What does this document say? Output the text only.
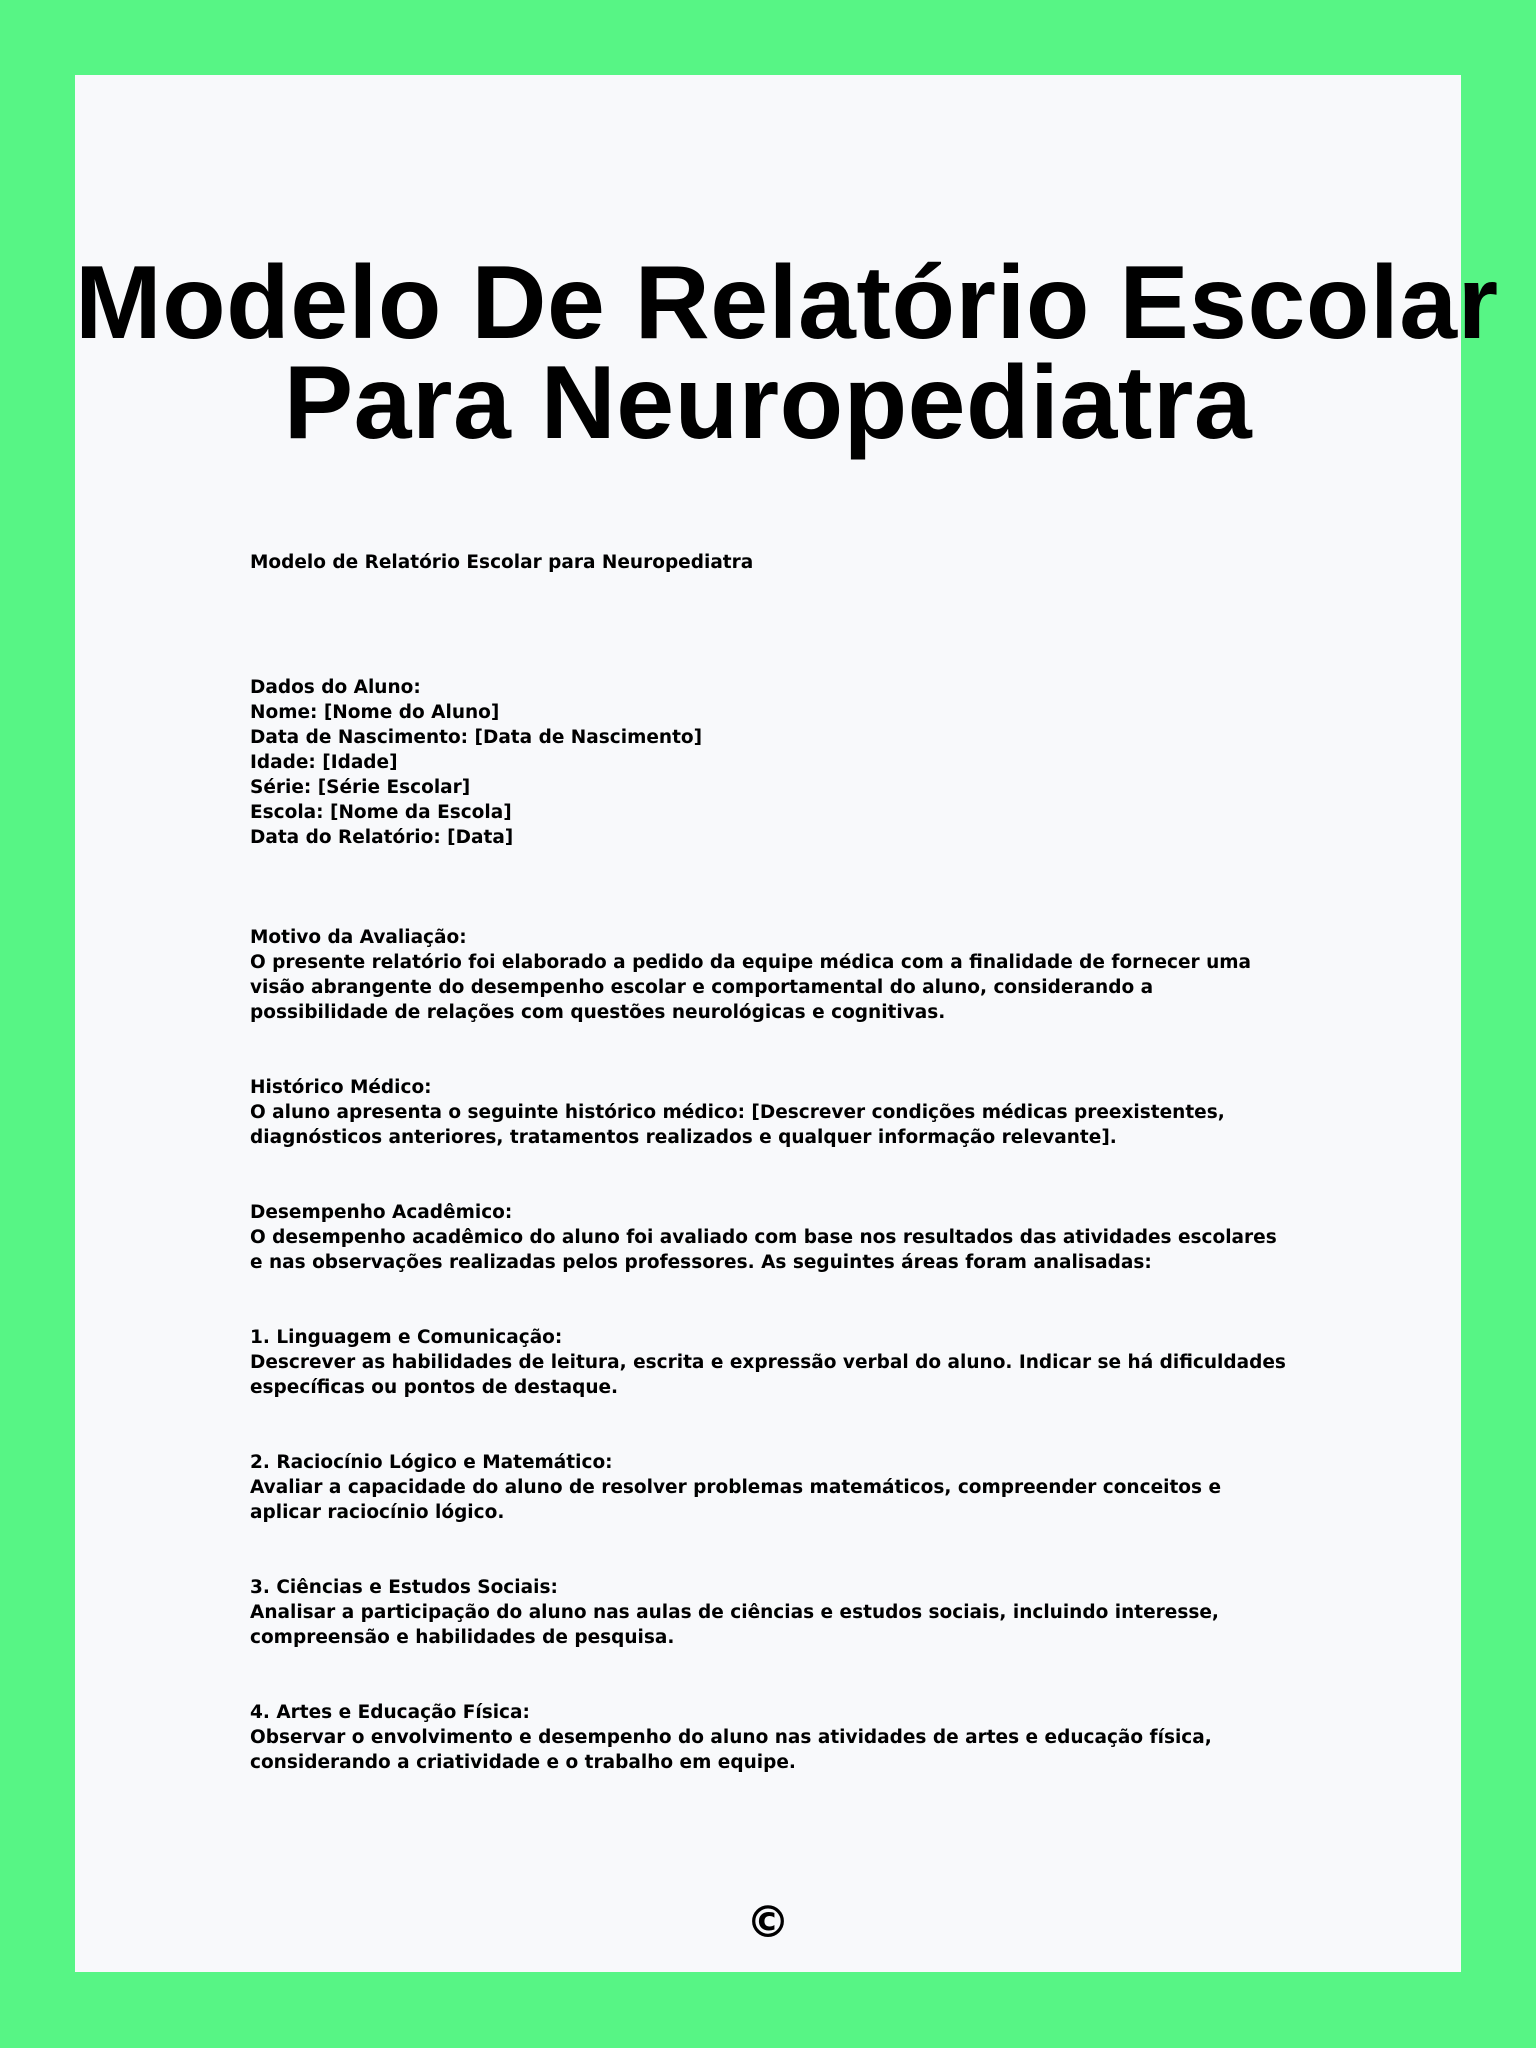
Modelo De Relatório Escolar
Para Neuropediatra

Modelo de Relatório Escolar para Neuropediatra

Dados do Aluno:
Nome: [Nome do Aluno]
Data de Nascimento: [Data de Nascimento]
Idade: [Idade]
Série: [Série Escolar]
Escola: [Nome da Escola]
Data do Relatório: [Data]

Motivo da Avaliação:

O presente relatório foi elaborado a pedido da equipe médica com a finalidade de fornecer uma visão abrangente do desempenho escolar e comportamental do aluno, considerando a possibilidade de relações com questões neurológicas e cognitivas.

Histórico Médico:

O aluno apresenta o seguinte histórico médico: [Descrever condições médicas preexistentes, diagnósticos anteriores, tratamentos realizados e qualquer informação relevante].

Desempenho Acadêmico:

O desempenho acadêmico do aluno foi avaliado com base nos resultados das atividades escolares e nas observações realizadas pelos professores. As seguintes áreas foram analisadas:

1. Linguagem e Comunicação:

Descrever as habilidades de leitura, escrita e expressão verbal do aluno. Indicar se há dificuldades específicas ou pontos de destaque.

2. Raciocínio Lógico e Matemático:

Avaliar a capacidade do aluno de resolver problemas matemáticos, compreender conceitos e aplicar raciocínio lógico.

3. Ciências e Estudos Sociais:

Analisar a participação do aluno nas aulas de ciências e estudos sociais, incluindo interesse, compreensão e habilidades de pesquisa.

4. Artes e Educação Física:

Observar o envolvimento e desempenho do aluno nas atividades de artes e educação física, considerando a criatividade e o trabalho em equipe.

©
